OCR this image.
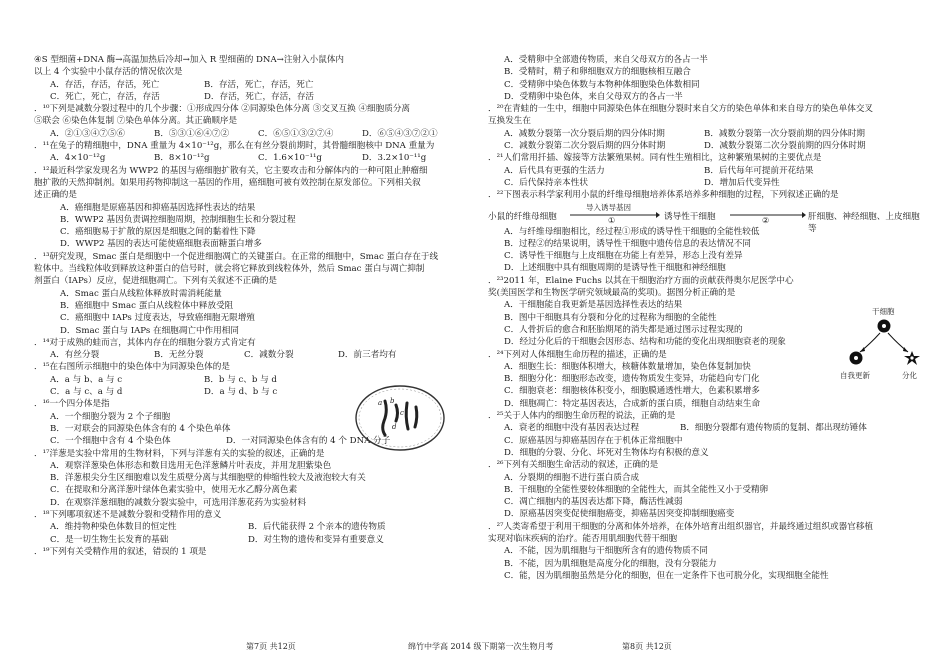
④S 型细菌+DNA 酶→高温加热后冷却→加入 R 型细菌的 DNA→注射入小鼠体内

以上 4 个实验中小鼠存活的情况依次是

A．存活，存活，存活，死亡	B．存活，死亡，存活，死亡

C．死亡，死亡，存活，存活	D．存活，死亡，存活，存活

．¹⁰下列是减数分裂过程中的几个步骤：①形成四分体 ②同源染色体分离 ③交叉互换 ④细胞质分离

⑤联会 ⑥染色体复制 ⑦染色单体分离。其正确顺序是

A．②①③④⑦⑤⑥	B．⑤③①⑥④⑦②	C．⑥⑤①③②⑦④	D．⑥⑤④③⑦②①

．¹¹在兔子的精细胞中，DNA 重量为 4×10⁻¹²g，那么在有丝分裂前期时，其骨髓细胞核中 DNA 重量为

A．4×10⁻¹²g	B．8×10⁻¹²g	C．1.6×10⁻¹¹g	D．3.2×10⁻¹¹g

．¹²最近科学家发现名为 WWP2 的基因与癌细胞扩散有关，它主要攻击和分解体内的一种可阻止肿瘤细

胞扩散的天然抑制剂。如果用药物抑制这一基因的作用，癌细胞可被有效控制在原发部位。下列相关叙

述正确的是

A．癌细胞是原癌基因和抑癌基因选择性表达的结果

B．WWP2 基因负责调控细胞周期，控制细胞生长和分裂过程

C．癌细胞易于扩散的原因是细胞之间的黏着性下降

D．WWP2 基因的表达可能使癌细胞表面糖蛋白增多

．¹³研究发现，Smac 蛋白是细胞中一个促进细胞凋亡的关键蛋白。在正常的细胞中，Smac 蛋白存在于线

粒体中。当线粒体收到释放这种蛋白的信号时，就会将它释放到线粒体外，然后 Smac 蛋白与凋亡抑制

剂蛋白（IAPs）反应，促进细胞凋亡。下列有关叙述不正确的是

A．Smac 蛋白从线粒体释放时需消耗能量

B．癌细胞中 Smac 蛋白从线粒体中释放受阻

C．癌细胞中 IAPs 过度表达，导致癌细胞无限增殖

D．Smac 蛋白与 IAPs 在细胞凋亡中作用相同

．¹⁴对于成熟的蛙而言，其体内存在的细胞分裂方式肯定有

A．有丝分裂	B．无丝分裂	C．减数分裂	D．前三者均有

．¹⁵在右图所示细胞中的染色体中为同源染色体的是

A．a 与 b、a 与 c	B．b 与 c、b 与 d

C．a 与 c、a 与 d	D．a 与 d、b 与 c

．¹⁶一个四分体是指

A．一个细胞分裂为 2 个子细胞

B．一对联会的同源染色体含有的 4 个染色单体

C．一个细胞中含有 4 个染色体	D．一对同源染色体含有的 4 个 DNA 分子

．¹⁷洋葱是实验中常用的生物材料，下列与洋葱有关的实验的叙述，正确的是

A．观察洋葱染色体形态和数目选用无色洋葱鳞片叶表皮，并用龙胆紫染色

B．洋葱根尖分生区细胞难以发生质壁分离与其细胞壁的伸缩性较大及液泡较大有关

C．在提取和分离洋葱叶绿体色素实验中，使用无水乙醇分离色素

D．在观察洋葱细胞的减数分裂实验中，可选用洋葱花药为实验材料

．¹⁸下列哪项叙述不是减数分裂和受精作用的意义

A．维持物种染色体数目的恒定性	B．后代能获得 2 个亲本的遗传物质

C．是一切生物生长发育的基础	D．对生物的遗传和变异有重要意义

．¹⁹下列有关受精作用的叙述，错误的 1 项是

a b
c
d

A．受精卵中全部遗传物质，来自父母双方的各占一半

B．受精时，精子和卵细胞双方的细胞核相互融合

C．受精卵中染色体数与本物种体细胞染色体数相同

D．受精卵中染色体，来自父母双方的各占一半

．²⁰在青蛙的一生中，细胞中同源染色体在细胞分裂时来自父方的染色单体和来自母方的染色单体交叉

互换发生在

A．减数分裂第一次分裂后期的四分体时期	B．减数分裂第一次分裂前期的四分体时期

C．减数分裂第二次分裂后期的四分体时期	D．减数分裂第二次分裂前期的四分体时期

．²¹人们常用扦插、嫁接等方法繁殖果树。同有性生殖相比，这种繁殖果树的主要优点是

A．后代具有更强的生活力	B．后代每年可提前开花结果

C．后代保持亲本性状	D．增加后代变异性

．²²下图表示科学家利用小鼠的纤维母细胞培养体系培养多种细胞的过程，下列叙述正确的是

小鼠的纤维母细胞
导入诱导基因
①	诱导性干细胞	②	肝细胞、神经细胞、上皮细胞等

A．与纤维母细胞相比，经过程①形成的诱导性干细胞的全能性较低

B．过程②的结果说明，诱导性干细胞中遗传信息的表达情况不同

C．诱导性干细胞与上皮细胞在功能上有差异，形态上没有差异

D．上述细胞中具有细胞周期的是诱导性干细胞和神经细胞

．²³2011 年，Elaine Fuchs 以其在干细胞治疗方面的贡献获得奥尔尼医学中心

奖(美国医学和生物医学研究领域最高的奖项)。据图分析正确的是

A．干细胞能自我更新是基因选择性表达的结果

B．图中干细胞具有分裂和分化的过程称为细胞的全能性

C．人骨折后的愈合和胚胎期尾的消失都是通过图示过程实现的

D．经过分化后的干细胞会因形态、结构和功能的变化出现细胞衰老的现象

．²⁴下列对人体细胞生命历程的描述，正确的是

A．细胞生长：细胞体积增大，核糖体数量增加，染色体复制加快

B．细胞分化：细胞形态改变，遗传物质发生变异，功能趋向专门化

C．细胞衰老：细胞核体积变小，细胞膜通透性增大，色素积累增多

D．细胞凋亡：特定基因表达，合成新的蛋白质，细胞自动结束生命

．²⁵关于人体内的细胞生命历程的说法，正确的是

A．衰老的细胞中没有基因表达过程	B．细胞分裂都有遗传物质的复制、都出现纺锤体

C．原癌基因与抑癌基因存在于机体正常细胞中

D．细胞的分裂、分化、坏死对生物体均有积极的意义

．²⁶下列有关细胞生命活动的叙述，正确的是

A．分裂期的细胞不进行蛋白质合成

B．干细胞的全能性要较体细胞的全能性大，而其全能性又小于受精卵

C．凋亡细胞内的基因表达都下降，酶活性减弱

D．原癌基因突变促使细胞癌变，抑癌基因突变抑制细胞癌变

．²⁷人类寄希望于利用干细胞的分离和体外培养，在体外培育出组织器官，并最终通过组织或器官移植

实现对临床疾病的治疗。能否用肌细胞代替干细胞

A．不能，因为肌细胞与干细胞所含有的遗传物质不同

B．不能，因为肌细胞是高度分化的细胞，没有分裂能力

C．能，因为肌细胞虽然是分化的细胞，但在一定条件下也可脱分化，实现细胞全能性

干细胞
自我更新	分化
第7页 共12页	绵竹中学高 2014 级下期第一次生物月考	第8页 共12页
